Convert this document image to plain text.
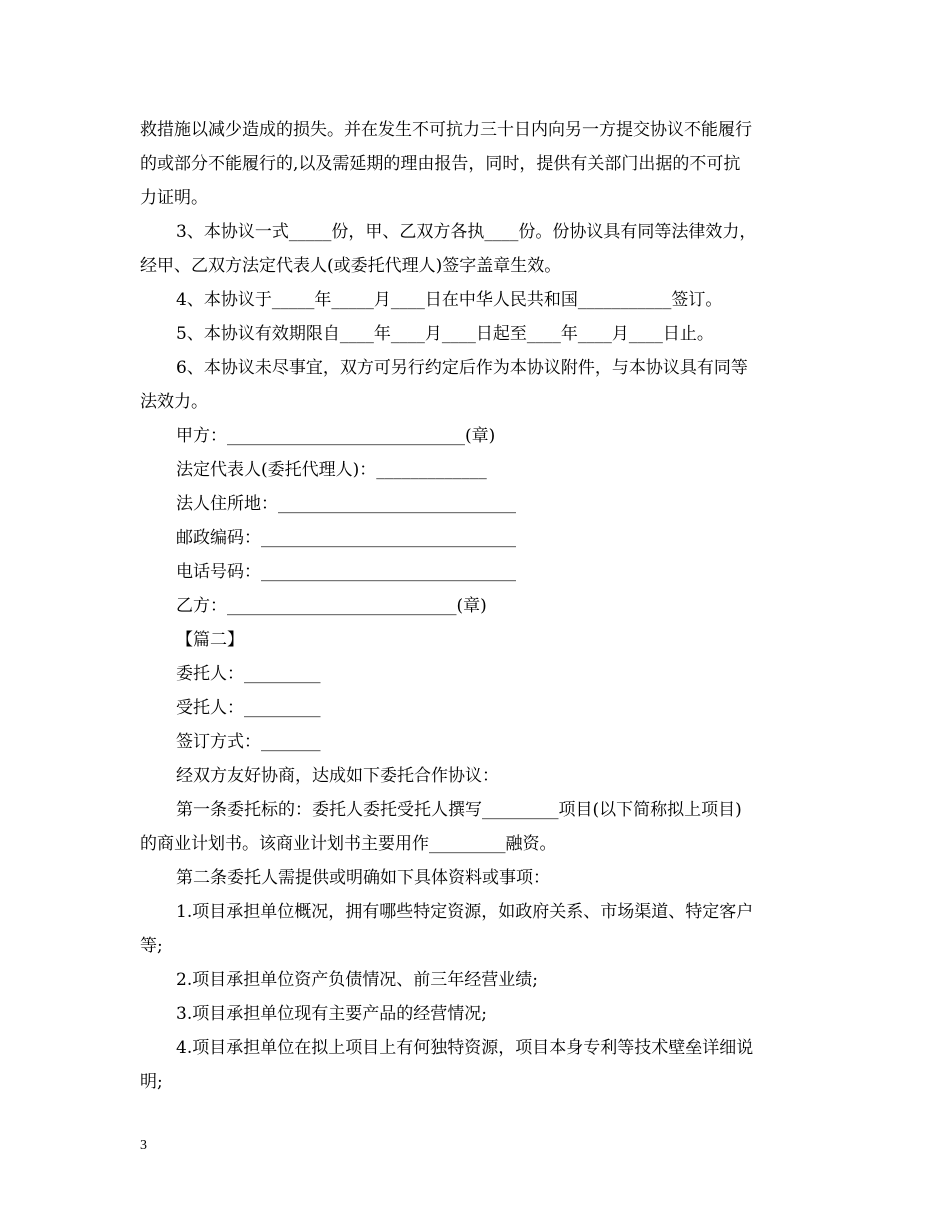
救措施以减少造成的损失。并在发生不可抗力三十日内向另一方提交协议不能履行
的或部分不能履行的,以及需延期的理由报告，同时，提供有关部门出据的不可抗
力证明。
3、本协议一式_____份，甲、乙双方各执____份。份协议具有同等法律效力，
经甲、乙双方法定代表人(或委托代理人)签字盖章生效。
4、本协议于_____年_____月____日在中华人民共和国___________签订。
5、本协议有效期限自____年____月____日起至____年____月____日止。
6、本协议未尽事宜，双方可另行约定后作为本协议附件，与本协议具有同等
法效力。
甲方：____________________________(章)
法定代表人(委托代理人)：_____________
法人住所地：____________________________
邮政编码：______________________________
电话号码：______________________________
乙方：___________________________(章)
【篇二】
委托人：_________
受托人：_________
签订方式：_______
经双方友好协商，达成如下委托合作协议：
第一条委托标的：委托人委托受托人撰写_________项目(以下简称拟上项目)
的商业计划书。该商业计划书主要用作_________融资。
第二条委托人需提供或明确如下具体资料或事项：
1.项目承担单位概况，拥有哪些特定资源，如政府关系、市场渠道、特定客户
等;
2.项目承担单位资产负债情况、前三年经营业绩;
3.项目承担单位现有主要产品的经营情况;
4.项目承担单位在拟上项目上有何独特资源，项目本身专利等技术壁垒详细说
明;
3
